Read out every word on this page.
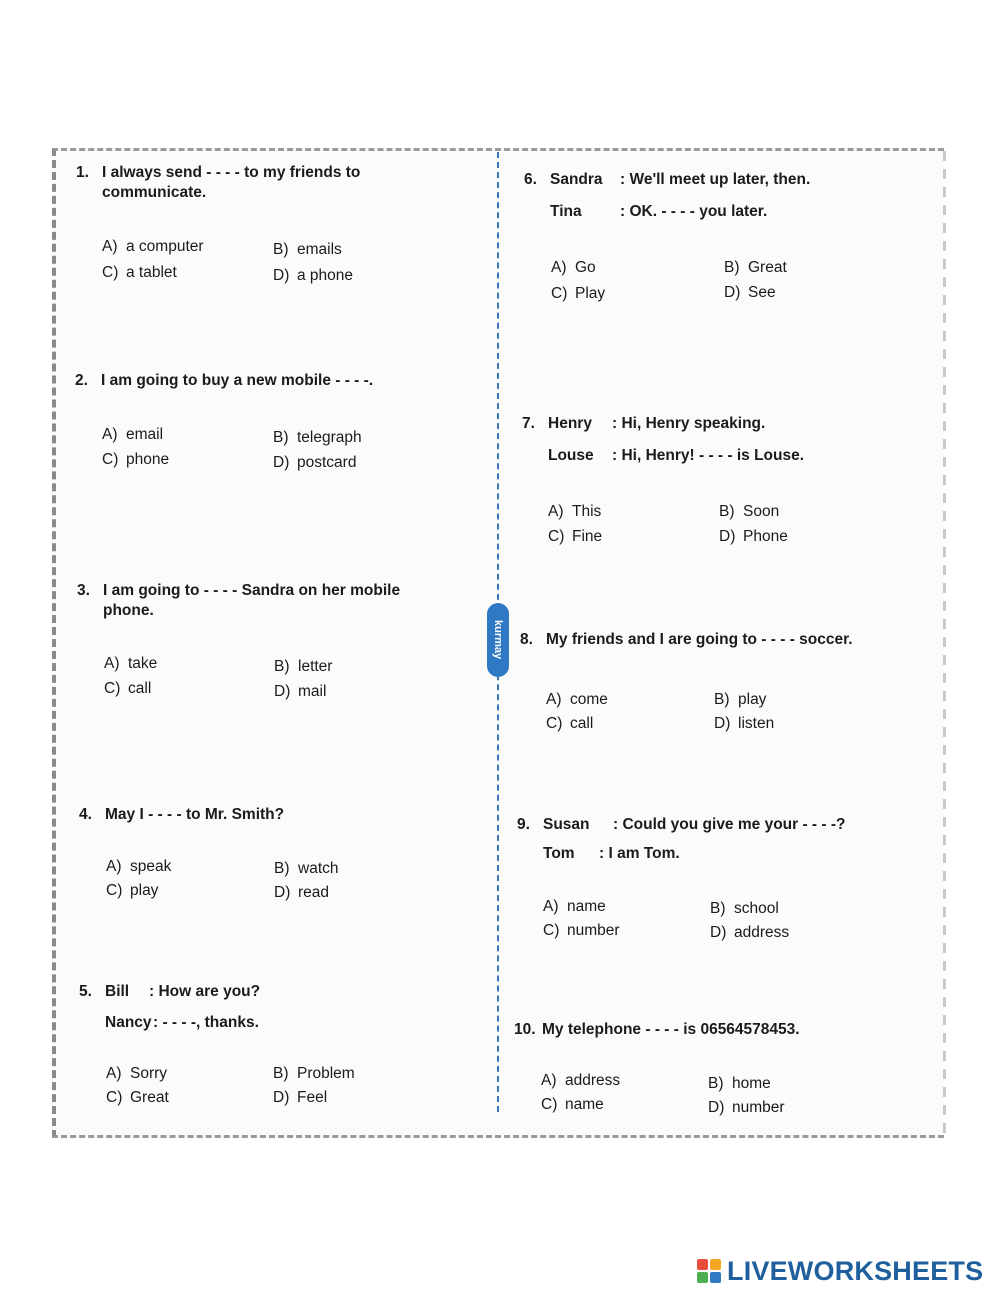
kurmay
1. I always send - - - - to my friends to
communicate.
A) a computer	B) emails
C) a tablet	D) a phone
2. I am going to buy a new mobile - - - -.
A) email	B) telegraph
C) phone	D) postcard
3. I am going to - - - - Sandra on her mobile
phone.
A) take	B) letter
C) call	D) mail
4. May I - - - - to Mr. Smith?
A) speak	B) watch
C) play	D) read
5. Bill	: How are you?
Nancy : - - - -, thanks.
A) Sorry	B) Problem
C) Great	D) Feel
6. Sandra	: We'll meet up later, then.
Tina	: OK. - - - - you later.
A) Go	B) Great
C) Play	D) See
7. Henry	: Hi, Henry speaking.
Louse	: Hi, Henry! - - - - is Louse.
A) This	B) Soon
C) Fine	D) Phone
8. My friends and I are going to - - - - soccer.
A) come	B) play
C) call	D) listen
9. Susan	: Could you give me your - - - -?
Tom	: I am Tom.
A) name	B) school
C) number	D) address
10. My telephone - - - - is 06564578453.
A) address	B) home
C) name	D) number
LIVEWORKSHEETS
